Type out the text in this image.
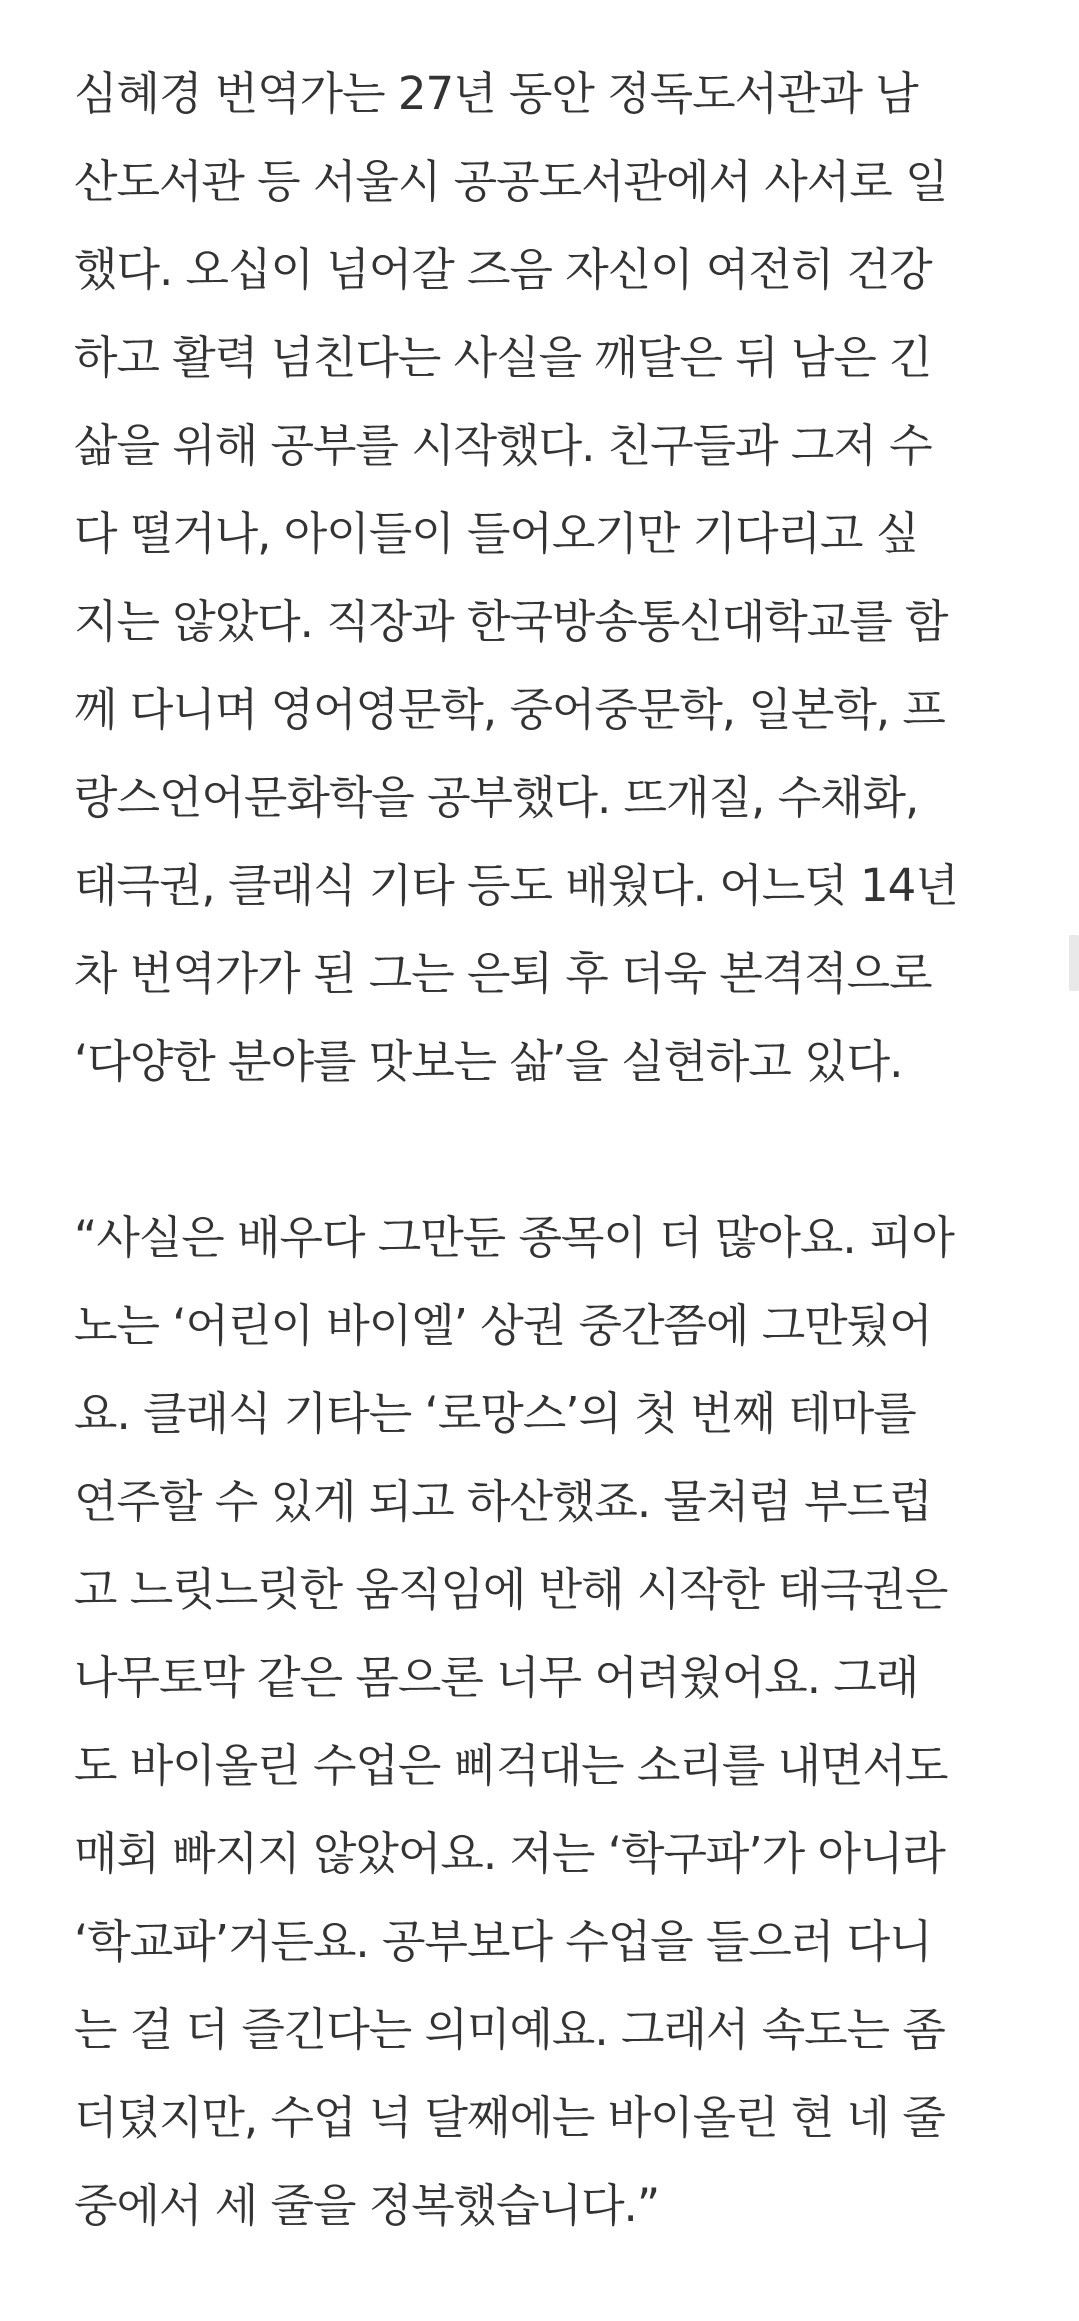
심혜경 번역가는 27년 동안 정독도서관과 남
산도서관 등 서울시 공공도서관에서 사서로 일
했다. 오십이 넘어갈 즈음 자신이 여전히 건강
하고 활력 넘친다는 사실을 깨달은 뒤 남은 긴
삶을 위해 공부를 시작했다. 친구들과 그저 수
다 떨거나, 아이들이 들어오기만 기다리고 싶
지는 않았다. 직장과 한국방송통신대학교를 함
께 다니며 영어영문학, 중어중문학, 일본학, 프
랑스언어문화학을 공부했다. 뜨개질, 수채화,
태극권, 클래식 기타 등도 배웠다. 어느덧 14년
차 번역가가 된 그는 은퇴 후 더욱 본격적으로
‘다양한 분야를 맛보는 삶’을 실현하고 있다.
“사실은 배우다 그만둔 종목이 더 많아요. 피아
노는 ‘어린이 바이엘’ 상권 중간쯤에 그만뒀어
요. 클래식 기타는 ‘로망스’의 첫 번째 테마를
연주할 수 있게 되고 하산했죠. 물처럼 부드럽
고 느릿느릿한 움직임에 반해 시작한 태극권은
나무토막 같은 몸으론 너무 어려웠어요. 그래
도 바이올린 수업은 삐걱대는 소리를 내면서도
매회 빠지지 않았어요. 저는 ‘학구파’가 아니라
‘학교파’거든요. 공부보다 수업을 들으러 다니
는 걸 더 즐긴다는 의미예요. 그래서 속도는 좀
더뎠지만, 수업 넉 달째에는 바이올린 현 네 줄
중에서 세 줄을 정복했습니다.”
